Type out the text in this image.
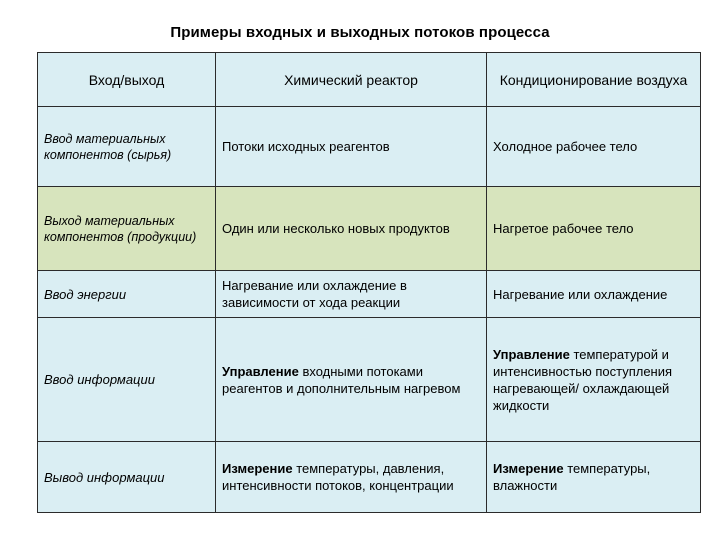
Примеры входных и выходных потоков процесса
Вход/выход	Химический реактор	Кондиционирование воздуха
Ввод материальных компонентов (сырья)	Потоки исходных реагентов	Холодное рабочее тело
Выход материальных компонентов (продукции)	Один или несколько новых продуктов	Нагретое рабочее тело
Ввод энергии	Нагревание или охлаждение в зависимости от хода реакции	Нагревание или охлаждение
Ввод информации	Управление входными потоками реагентов и дополнительным нагревом	Управление температурой и интенсивностью поступления нагревающей/ охлаждающей жидкости
Вывод информации	Измерение температуры, давления, интенсивности потоков, концентрации	Измерение температуры, влажности
